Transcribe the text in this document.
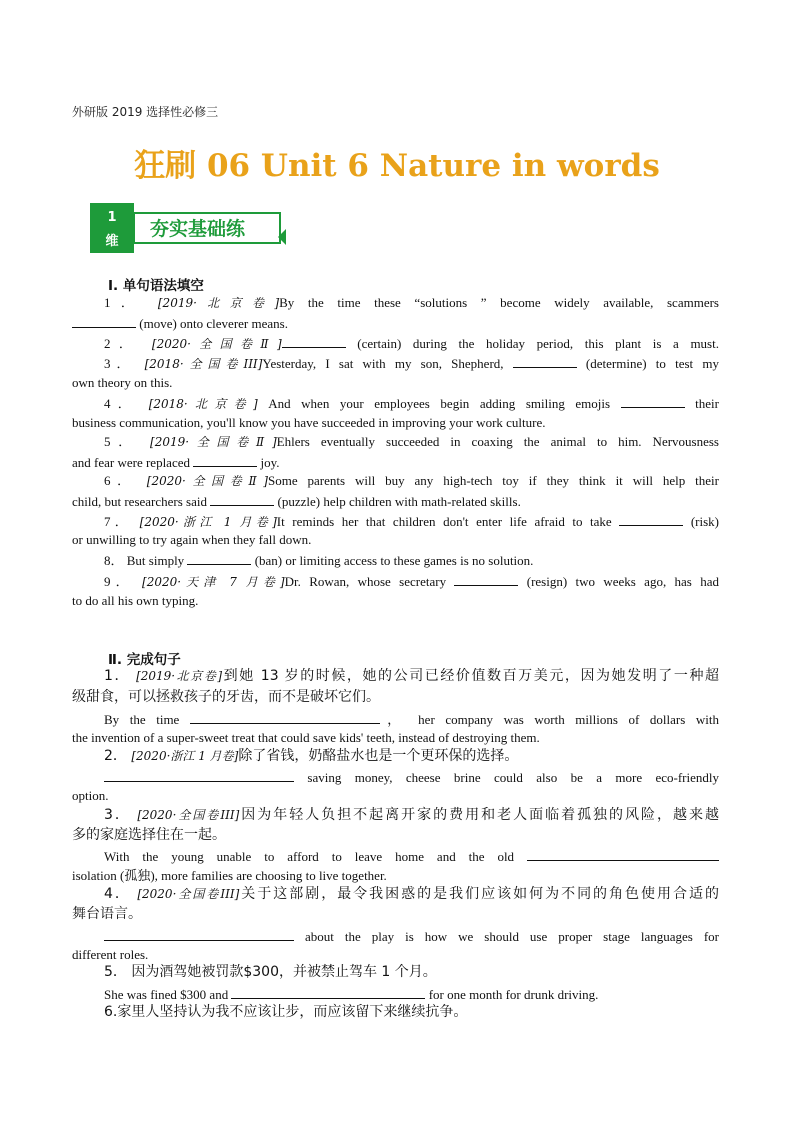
外研版 2019 选择性必修三
狂刷 06 Unit 6 Nature in words
1
维
夯实基础练
Ⅰ. 单句语法填空
1． [2019·北京卷]By the time these “solutions ” become widely available, scammers
(move) onto cleverer means.
2． [2020·全国卷Ⅱ]	(certain) during the holiday period, this plant is a must.
3． [2018·全国卷III]Yesterday, I sat with my son, Shepherd,	(determine) to test my
own theory on this.
4． [2018·北京卷] And when your employees begin adding smiling emojis	their
business communication, you'll know you have succeeded in improving your work culture.
5． [2019·全国卷Ⅱ]Ehlers eventually succeeded in coaxing the animal to him. Nervousness
and fear were replaced	joy.
6． [2020·全国卷Ⅱ]Some parents will buy any high-tech toy if they think it will help their
child, but researchers said	(puzzle) help children with math-related skills.
7． [2020·浙江 1 月卷]It reminds her that children don't enter life afraid to take	(risk)
or unwilling to try again when they fall down.
8． But simply	(ban) or limiting access to these games is no solution.
9． [2020·天津 7 月卷]Dr. Rowan, whose secretary	(resign) two weeks ago, has had
to do all his own typing.
Ⅱ. 完成句子
1． [2019·北京卷]到她 13 岁的时候，她的公司已经价值数百万美元，因为她发明了一种超
级甜食，可以拯救孩子的牙齿，而不是破坏它们。
By the time	， her company was worth millions of dollars with
the invention of a super-sweet treat that could save kids' teeth, instead of destroying them.
2． [2020·浙江 1 月卷]除了省钱，奶酪盐水也是一个更环保的选择。
saving money, cheese brine could also be a more eco-friendly
option.
3． [2020·全国卷III]因为年轻人负担不起离开家的费用和老人面临着孤独的风险，越来越
多的家庭选择住在一起。
With the young unable to afford to leave home and the old
isolation (孤独), more families are choosing to live together.
4． [2020·全国卷III]关于这部剧，最令我困惑的是我们应该如何为不同的角色使用合适的
舞台语言。
about the play is how we should use proper stage languages for
different roles.
5． 因为酒驾她被罚款$300，并被禁止驾车 1 个月。
She was fined $300 and	for one month for drunk driving.
6.家里人坚持认为我不应该让步，而应该留下来继续抗争。
